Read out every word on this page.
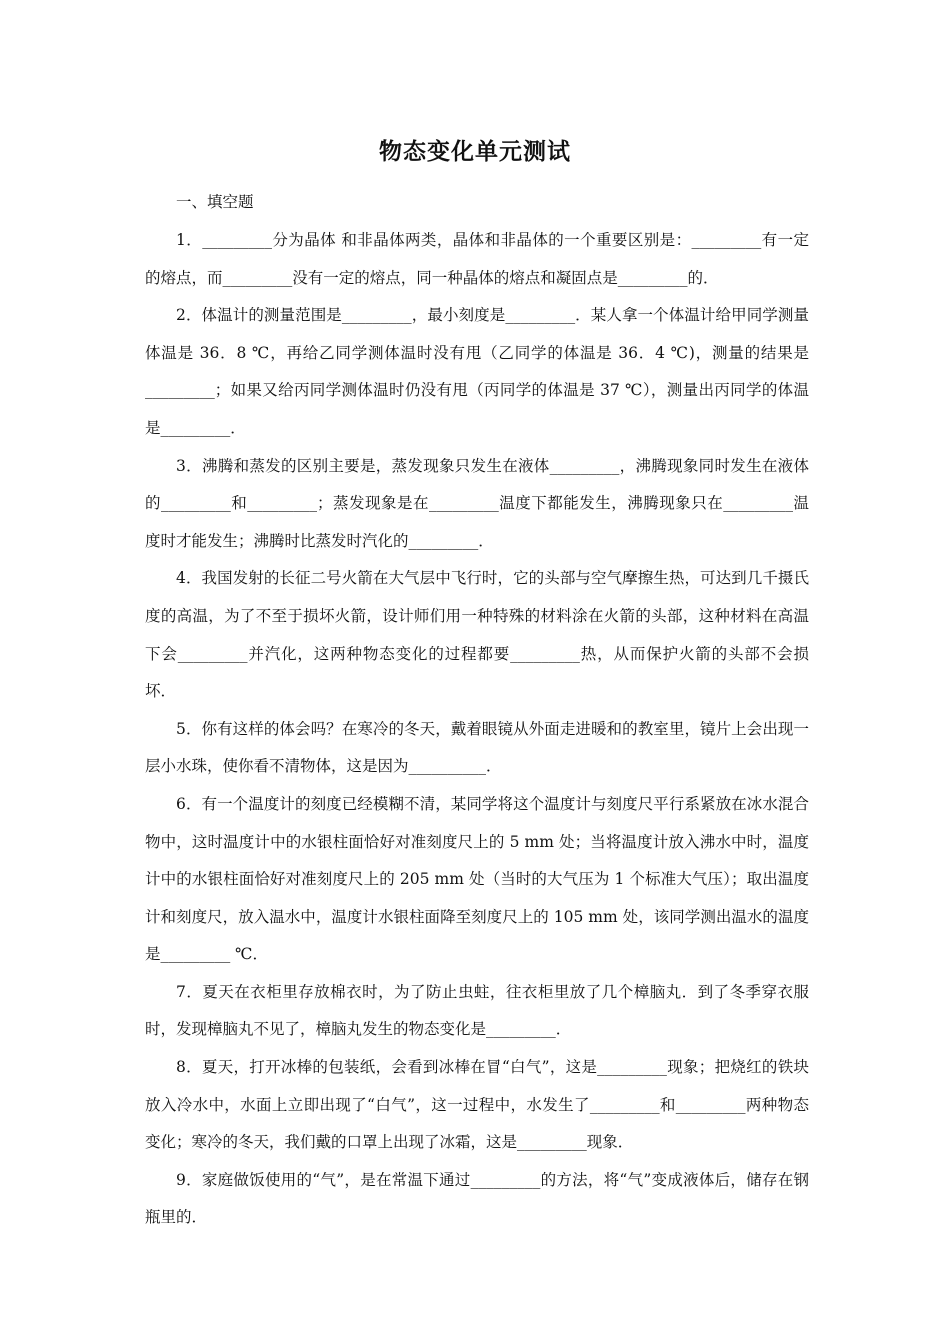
物态变化单元测试
一、填空题

1．_________分为晶体 和非晶体两类，晶体和非晶体的一个重要区别是：_________有一定的熔点，而_________没有一定的熔点，同一种晶体的熔点和凝固点是_________的．

2．体温计的测量范围是_________，最小刻度是_________．某人拿一个体温计给甲同学测量体温是 36．8 ℃，再给乙同学测体温时没有甩（乙同学的体温是 36．4 ℃)，测量的结果是_________；如果又给丙同学测体温时仍没有甩（丙同学的体温是 37 ℃），测量出丙同学的体温是_________．

3．沸腾和蒸发的区别主要是，蒸发现象只发生在液体_________，沸腾现象同时发生在液体的_________和_________；蒸发现象是在_________温度下都能发生，沸腾现象只在_________温度时才能发生；沸腾时比蒸发时汽化的_________．

4．我国发射的长征二号火箭在大气层中飞行时，它的头部与空气摩擦生热，可达到几千摄氏度的高温，为了不至于损坏火箭，设计师们用一种特殊的材料涂在火箭的头部，这种材料在高温下会_________并汽化，这两种物态变化的过程都要_________热，从而保护火箭的头部不会损坏．

5．你有这样的体会吗？在寒冷的冬天，戴着眼镜从外面走进暖和的教室里，镜片上会出现一层小水珠，使你看不清物体，这是因为__________．

6．有一个温度计的刻度已经模糊不清，某同学将这个温度计与刻度尺平行系紧放在冰水混合物中，这时温度计中的水银柱面恰好对准刻度尺上的 5 mm 处；当将温度计放入沸水中时，温度计中的水银柱面恰好对准刻度尺上的 205 mm 处（当时的大气压为 1 个标准大气压）；取出温度计和刻度尺，放入温水中，温度计水银柱面降至刻度尺上的 105 mm 处，该同学测出温水的温度是_________ ℃．

7．夏天在衣柜里存放棉衣时，为了防止虫蛀，往衣柜里放了几个樟脑丸．到了冬季穿衣服时，发现樟脑丸不见了，樟脑丸发生的物态变化是_________．

8．夏天，打开冰棒的包装纸，会看到冰棒在冒“白气”，这是_________现象；把烧红的铁块放入冷水中，水面上立即出现了“白气”，这一过程中，水发生了_________和_________两种物态变化；寒冷的冬天，我们戴的口罩上出现了冰霜，这是_________现象．

9．家庭做饭使用的“气”，是在常温下通过_________的方法，将“气”变成液体后，储存在钢瓶里的．
